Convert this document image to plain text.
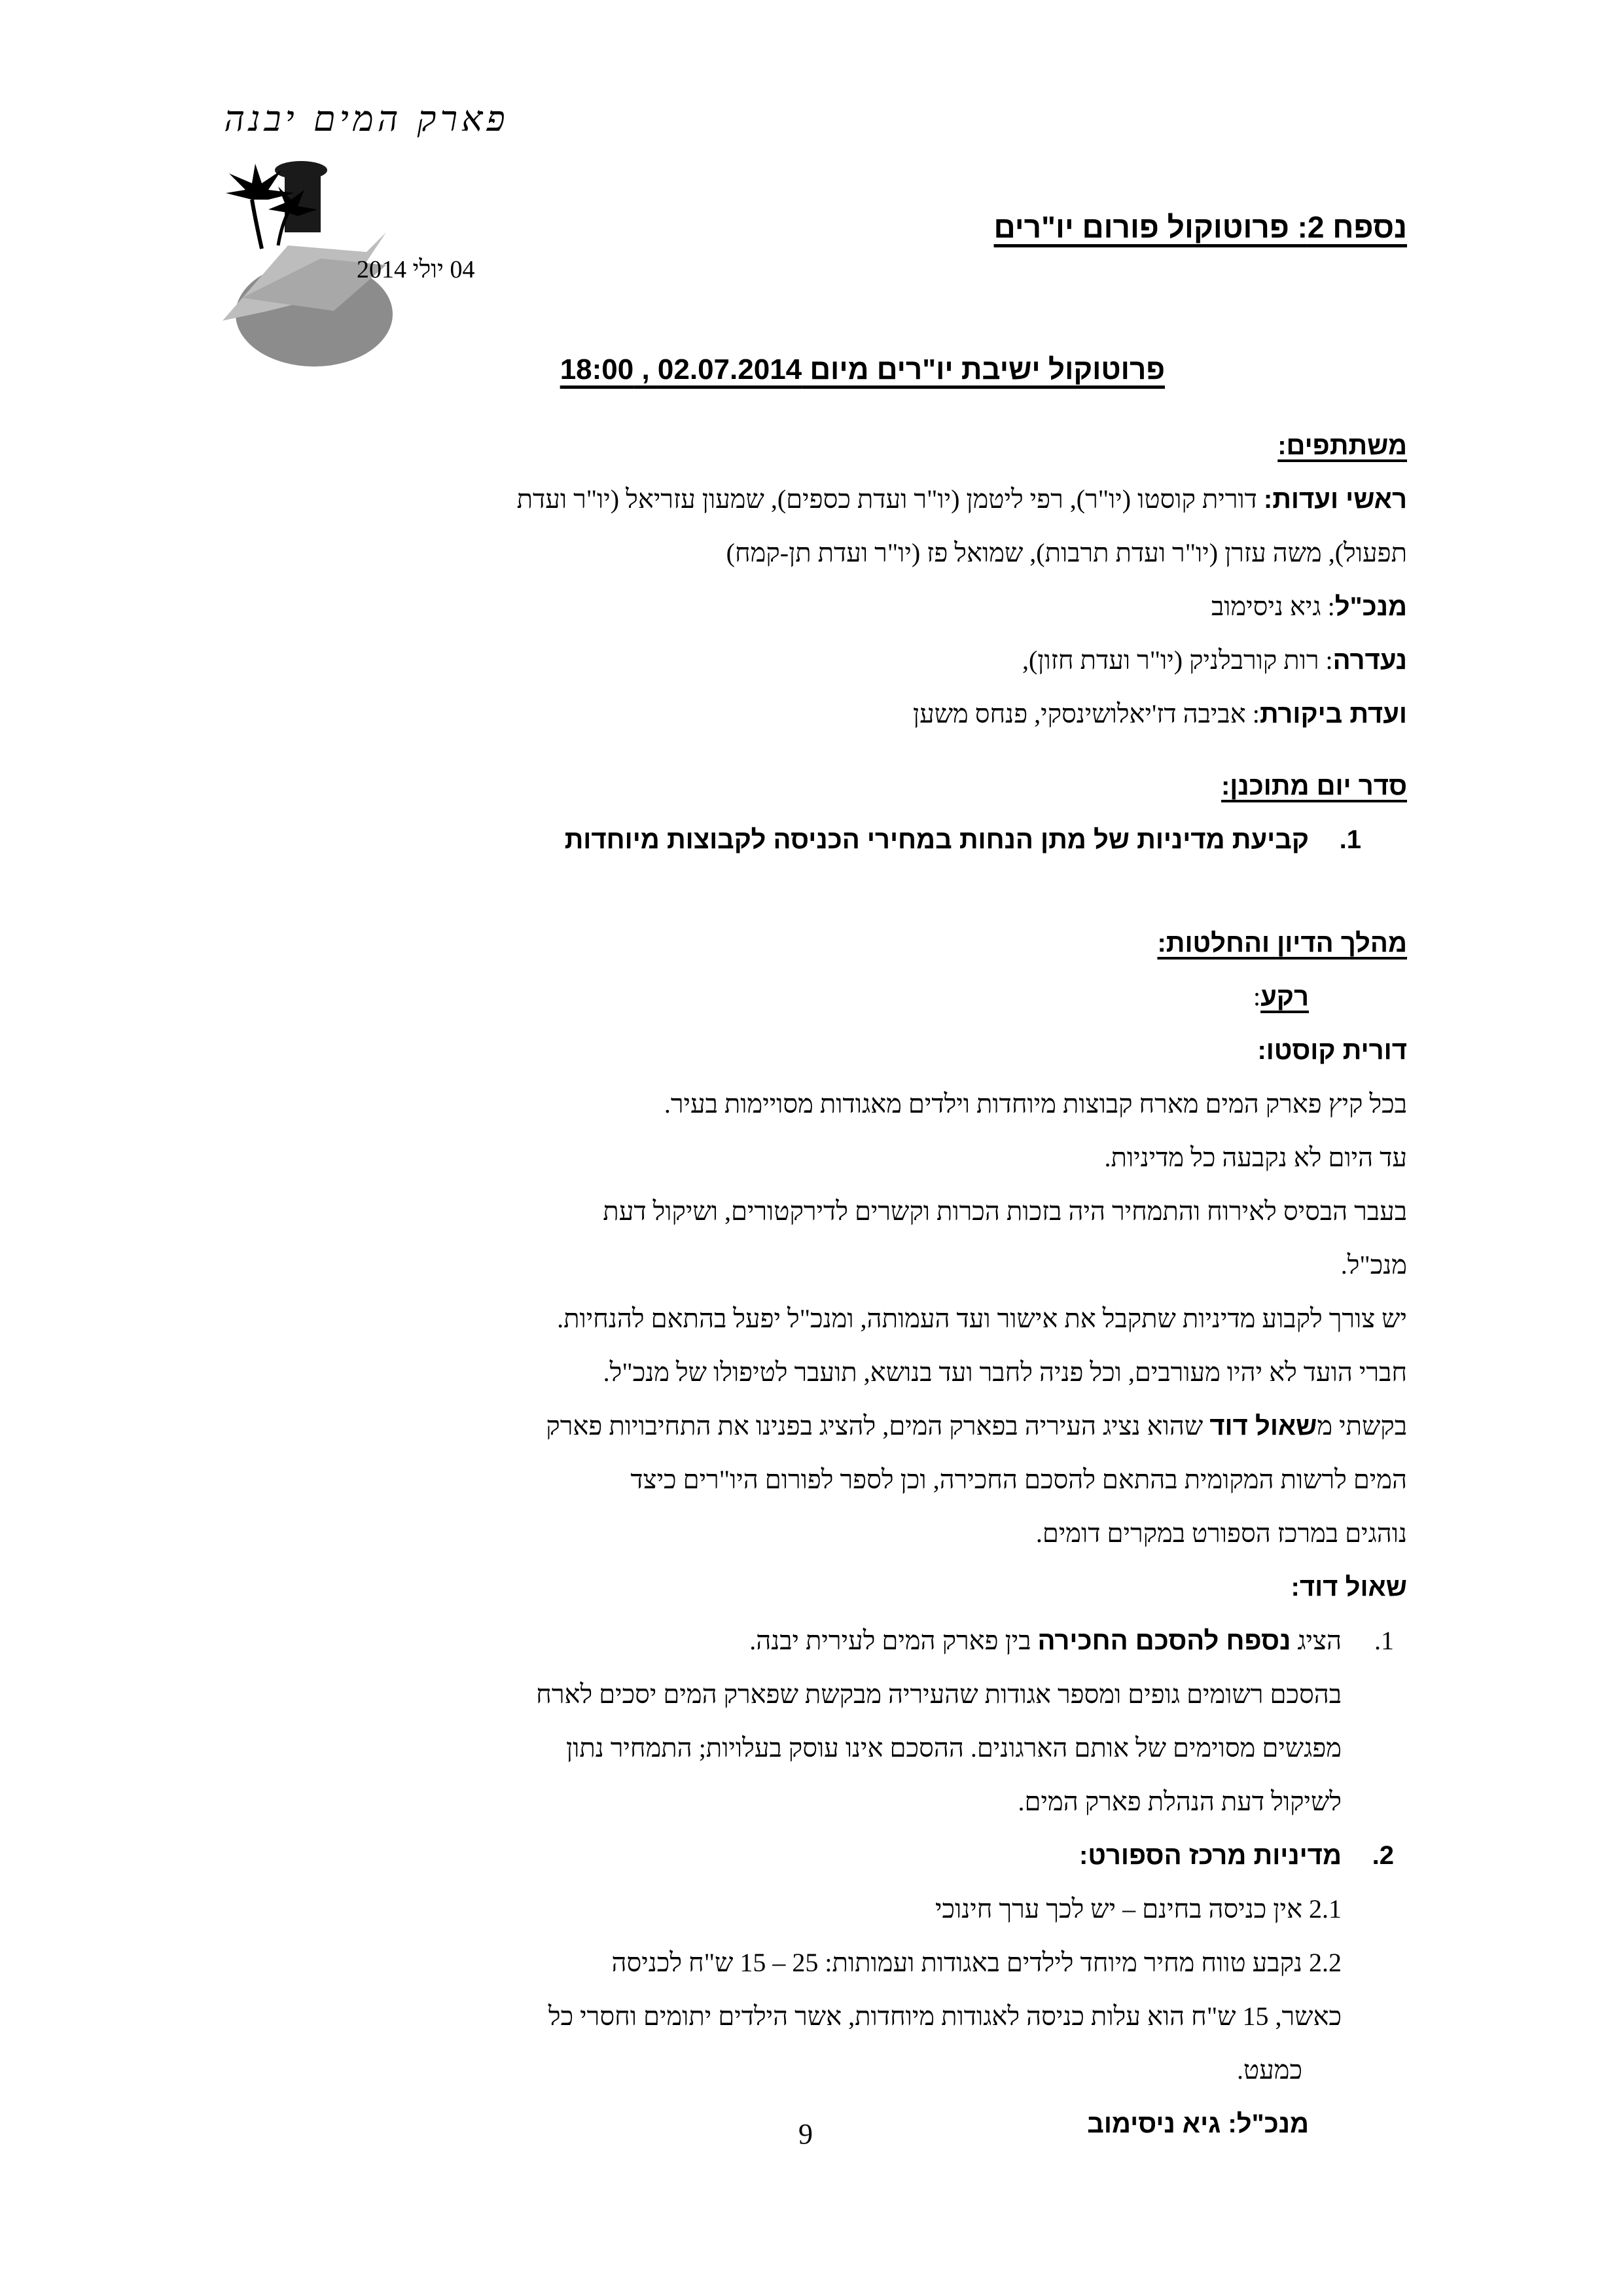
פארק המים יבנה
04 יולי 2014
נספח 2: פרוטוקול פורום יו"רים
פרוטוקול ישיבת יו"רים מיום 02.07.2014 , 18:00
משתתפים:
ראשי ועדות: דורית קוסטו (יו"ר), רפי ליטמן (יו"ר ועדת כספים), שמעון עזריאל (יו"ר ועדת
תפעול), משה עזרן (יו"ר ועדת תרבות), שמואל פז (יו"ר ועדת תן-קמח)
מנכ"ל: גיא ניסימוב
נעדרה: רות קורבלניק (יו"ר ועדת חזון),
ועדת ביקורת: אביבה דז'יאלושינסקי, פנחס משען
סדר יום מתוכנן:
1.קביעת מדיניות של מתן הנחות במחירי הכניסה לקבוצות מיוחדות
מהלך הדיון והחלטות:
רקע:
דורית קוסטו:
בכל קיץ פארק המים מארח קבוצות מיוחדות וילדים מאגודות מסויימות בעיר.
עד היום לא נקבעה כל מדיניות.
בעבר הבסיס לאירוח והתמחיר היה בזכות הכרות וקשרים לדירקטורים, ושיקול דעת
מנכ"ל.
יש צורך לקבוע מדיניות שתקבל את אישור ועד העמותה, ומנכ"ל יפעל בהתאם להנחיות.
חברי הועד לא יהיו מעורבים, וכל פניה לחבר ועד בנושא, תועבר לטיפולו של מנכ"ל.
בקשתי משאול דוד שהוא נציג העיריה בפארק המים, להציג בפנינו את התחיבויות פארק
המים לרשות המקומית בהתאם להסכם החכירה, וכן לספר לפורום היו"רים כיצד
נוהגים במרכז הספורט במקרים דומים.
שאול דוד:
1.הציג נספח להסכם החכירה בין פארק המים לעירית יבנה.
בהסכם רשומים גופים ומספר אגודות שהעיריה מבקשת שפארק המים יסכים לארח
מפגשים מסוימים של אותם הארגונים. ההסכם אינו עוסק בעלויות; התמחיר נתון
לשיקול דעת הנהלת פארק המים.
2.מדיניות מרכז הספורט:
2.1 אין כניסה בחינם – יש לכך ערך חינוכי
2.2 נקבע טווח מחיר מיוחד לילדים באגודות ועמותות: 25 – 15 ש"ח לכניסה
כאשר, 15 ש"ח הוא עלות כניסה לאגודות מיוחדות, אשר הילדים יתומים וחסרי כל
כמעט.
מנכ"ל: גיא ניסימוב
9
